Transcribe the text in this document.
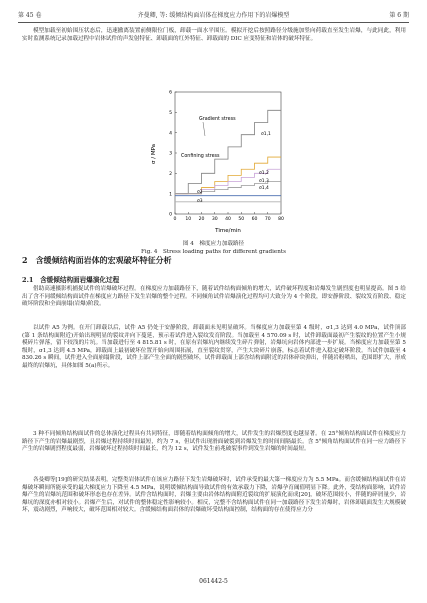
第 45 卷	齐曼卿, 等: 缓倾结构面岩体在梯度应力作用下的岩爆模型	第 6 期

模型加载至初始围压状态后，迅速撤离装置前侧限位门板，卸载一面水平围压。模拟开挖后按照路径分级施加竖向荷载直至发生岩爆，与此同此，利用实时监测系统记录加载过程中岩体试件的声发射特征、卸载面的红外特征、卸载面的 DIC 应变特征和岩体的破坏特征。

0 10 20 30 40 50 60 70 80
0
1
2
3
4
5
6
σ / MPa
Time/min
Gradient stress
Confining stress
σ1,1
σ1,2
σ1,3
σ1,4
σ2
σ3
图 4　梯度应力加载路径
Fig. 4　Stress loading paths for different gradients
2　含缓倾结构面岩体的宏观破坏特征分析
2.1　含缓倾结构面岩爆演化过程

借助高速摄影机捕捉试件的岩爆破坏过程。在梯度应力加载路径下，随着试件结构面倾角的增大，试件破坏程度和岩爆发生剧烈度也明显提高。图 5 给出了含不同缓倾结构面试件在梯度应力路径下发生岩爆的整个过程。不同倾角试件岩爆演化过程均可大致分为 4 个阶段，即安静阶段、裂纹发育阶段、稳定破坏阶段和全面崩塌(岩爆)阶段。

以试件 A5 为例。在开门卸载以后，试件 A5 仍处于安静阶段，卸载面未见明显破坏。当梯度应力加载至第 4 级时，σ1,3 达到 4.0 MPa，试件顶部(第 1 条结构面附近)开始出现明显的裂纹并向下蔓延，预示着试件进入裂纹发育阶段。当加载至 4 570.09 s 时，试件卸载面最初产生裂纹的位置产生小规模碎片弹落，留下较浅的片坑。当加载进行至 4 815.81 s 时，在原有岩爆坑内继续发生碎片弹射，岩爆坑向岩体内部进一步扩展。当梯度应力加载至第 5 级时，σ1,3 达到 4.5 MPa，卸载面上最初破坏位置开始向周围拓展，直至裂纹贯穿，产生大块碎片崩落，标志着试件进入稳定破坏阶段。当试件加载至 4 830.26 s 瞬间，试件进入全面崩塌阶段，试件上部产生全面的剧烈破坏，试件卸载面上部含结构面附近的岩体碎块弹出，伴随岩粉喷出，范围即扩大，形成最终的岩爆坑，具体如图 5(a)所示。

3 种不同倾角结构面试件的总体演化过程具有共同特征，即随着结构面倾角的增大，试件发生的岩爆烈度也越显著。在 25°倾角结构面试件在梯度应力路径下产生的岩爆最剧烈，且岩爆过程持续时间最短，约为 7 s，但试件出现滑面破裂到岩爆发生的时间间隔最长。含 5°倾角结构面试件在同一应力路径下产生的岩爆剧烈程度最弱，岩爆破坏过程持续时间最长，约为 12 s，试件发生前兆破裂事件到发生岩爆的时间最短。

各曼卿等[19]的研究结果表明，完整类岩体试件在该应力路径下发生岩爆破坏时，试件承受的最大第一梯度应力为 5.5 MPa。而含缓倾结构面试件在岩爆破坏瞬间所能承受的最大梯度应力下降至 4.5 MPa，说明缓倾结构面导致试件的有效承载力下降，岩爆孕育阈值明显下降。此外，受结构面影响，试件岩爆产生的岩爆坑范围和破坏形态也存在差异。试件含结构面时，岩爆主要由岩体结构面附近裂纹的扩展演化而成[20]，破坏范围较小，伴随的碎屑量少，岩爆坑的深度亦相对较小。岩爆产生后，对试件的整体稳定性影响较小。相反，完整不含结构面试件在同一加载路径下发生岩爆时，岩体卸载面发生大规模破坏，震动剧烈，声响较大，破坏范围相对较大。含缓倾结构面岩体的岩爆破坏受结构面控制，结构面的存在使得应力分

061442-5
